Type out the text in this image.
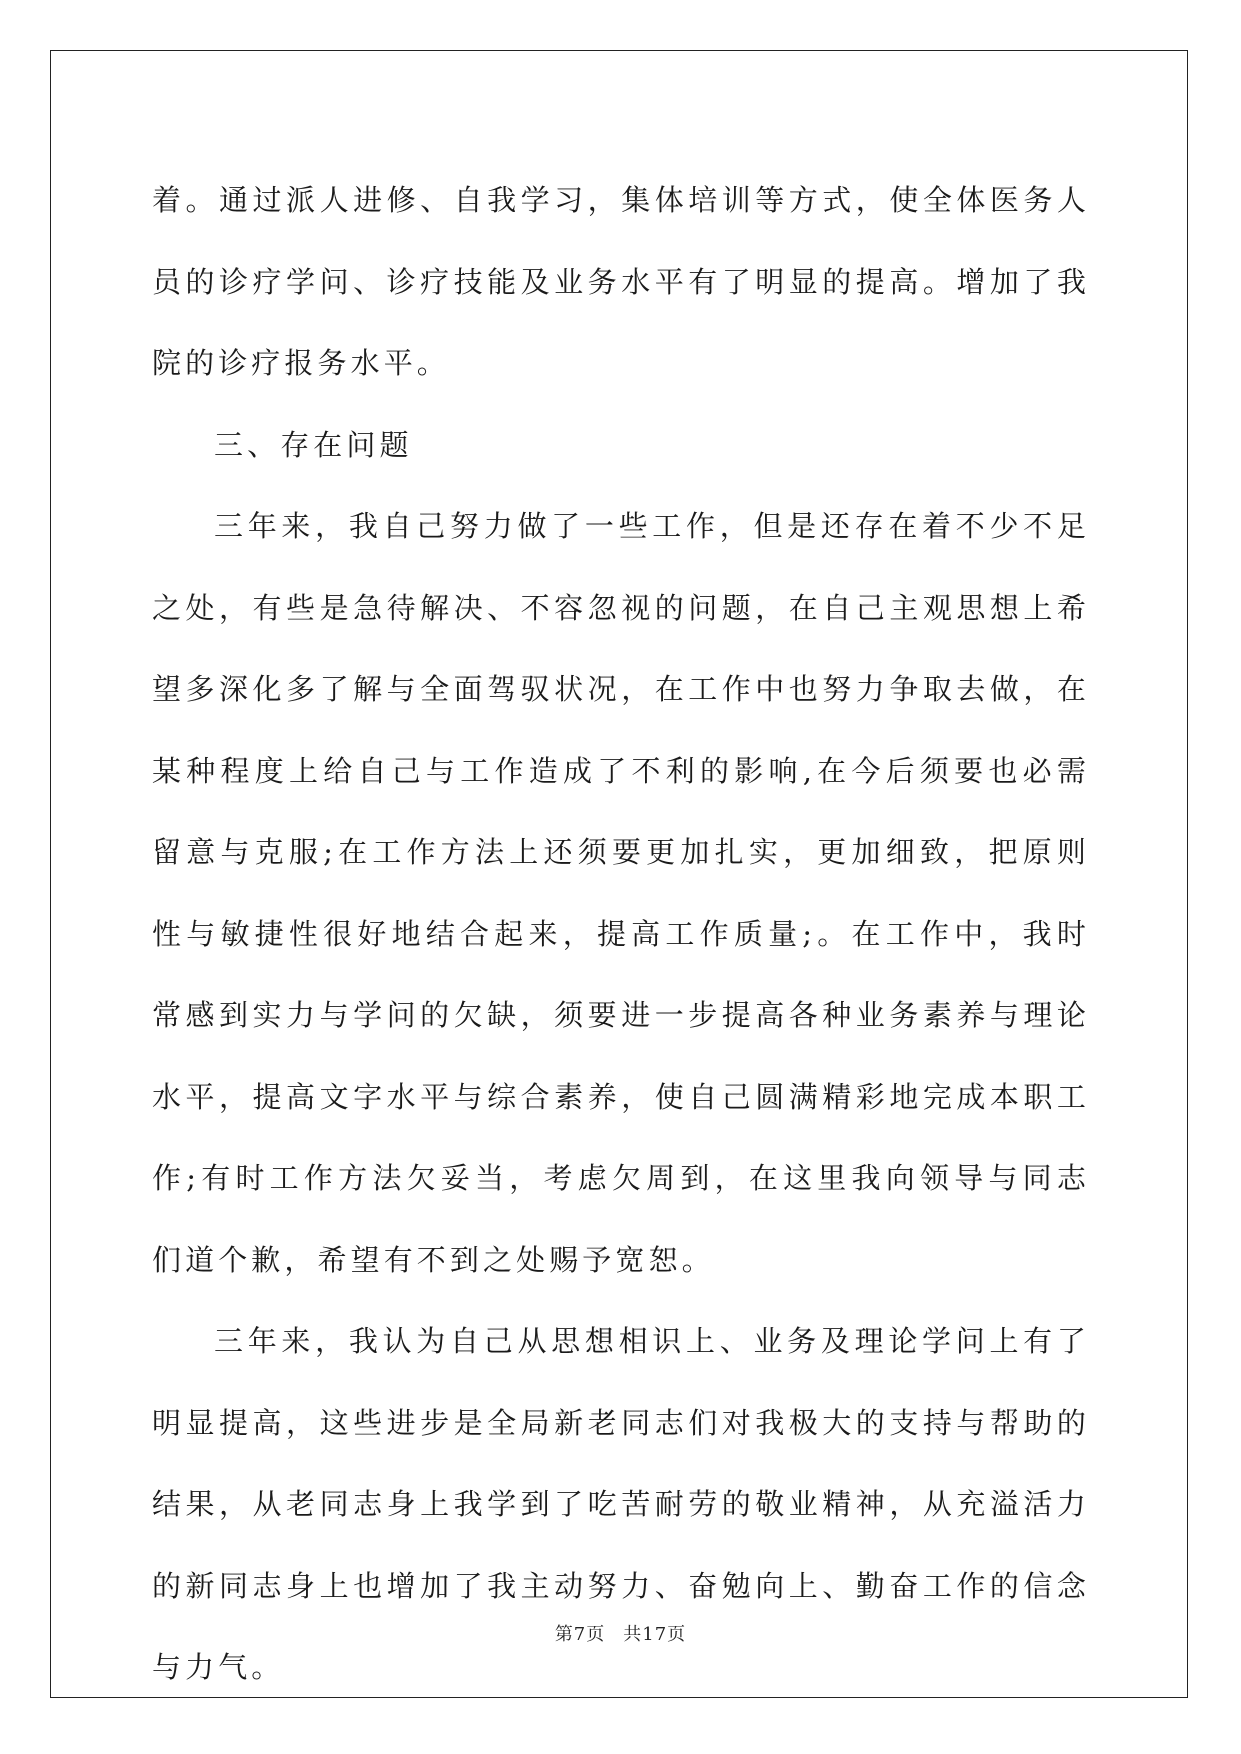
着。通过派人进修、自我学习，集体培训等方式，使全体医务人员的诊疗学问、诊疗技能及业务水平有了明显的提高。增加了我院的诊疗报务水平。

三、存在问题

三年来，我自己努力做了一些工作，但是还存在着不少不足之处，有些是急待解决、不容忽视的问题，在自己主观思想上希望多深化多了解与全面驾驭状况，在工作中也努力争取去做，在某种程度上给自己与工作造成了不利的影响,在今后须要也必需留意与克服;在工作方法上还须要更加扎实，更加细致，把原则性与敏捷性很好地结合起来，提高工作质量;。在工作中，我时常感到实力与学问的欠缺，须要进一步提高各种业务素养与理论水平，提高文字水平与综合素养，使自己圆满精彩地完成本职工作;有时工作方法欠妥当，考虑欠周到，在这里我向领导与同志们道个歉，希望有不到之处赐予宽恕。

三年来，我认为自己从思想相识上、业务及理论学问上有了明显提高，这些进步是全局新老同志们对我极大的支持与帮助的结果，从老同志身上我学到了吃苦耐劳的敬业精神，从充溢活力的新同志身上也增加了我主动努力、奋勉向上、勤奋工作的信念与力气。

第7页 共17页
